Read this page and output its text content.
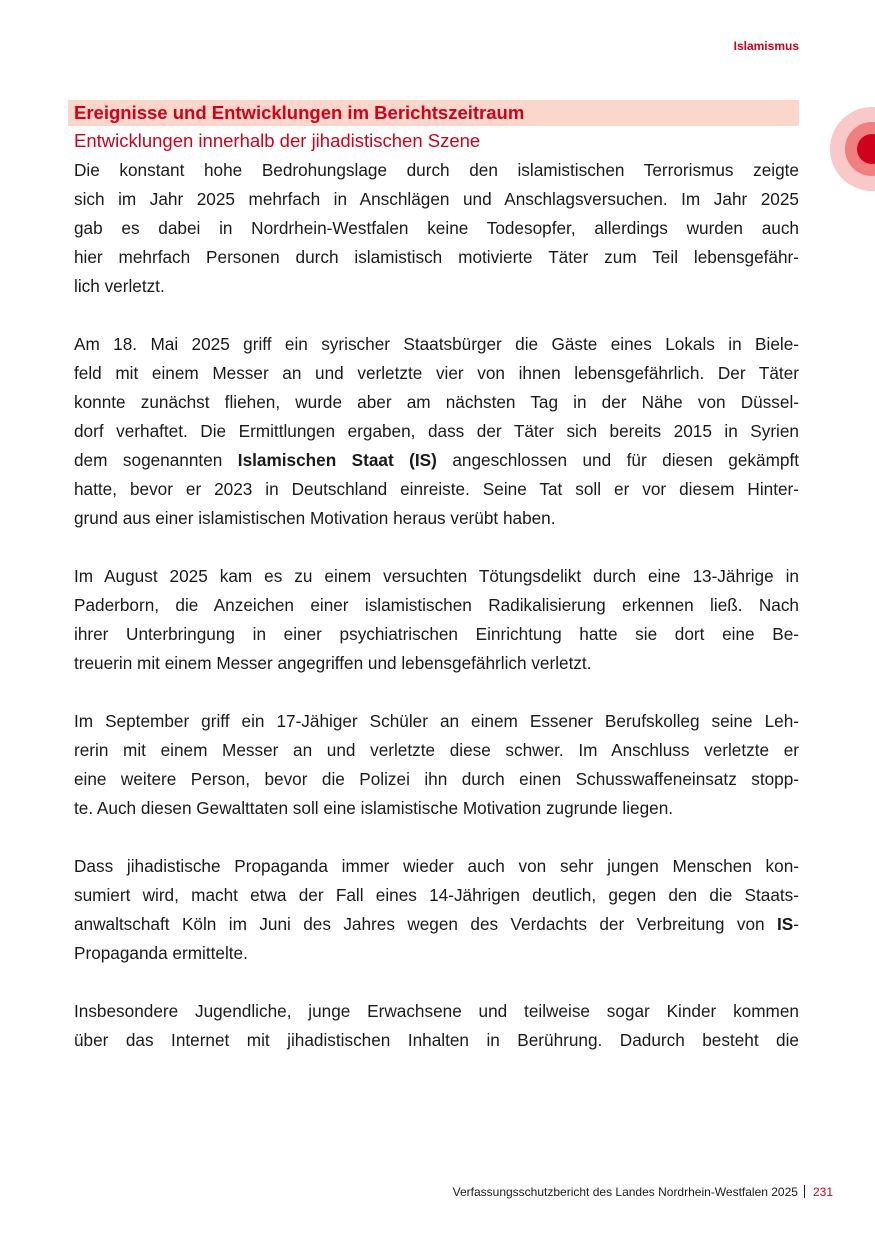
Islamismus
Ereignisse und Entwicklungen im Berichtszeitraum
Entwicklungen innerhalb der jihadistischen Szene
Die konstant hohe Bedrohungslage durch den islamistischen Terrorismus zeigte
sich im Jahr 2025 mehrfach in Anschlägen und Anschlagsversuchen. Im Jahr 2025
gab es dabei in Nordrhein-Westfalen keine Todesopfer, allerdings wurden auch
hier mehrfach Personen durch islamistisch motivierte Täter zum Teil lebensgefähr-
lich verletzt.
Am 18. Mai 2025 griff ein syrischer Staatsbürger die Gäste eines Lokals in Biele-
feld mit einem Messer an und verletzte vier von ihnen lebensgefährlich. Der Täter
konnte zunächst fliehen, wurde aber am nächsten Tag in der Nähe von Düssel-
dorf verhaftet. Die Ermittlungen ergaben, dass der Täter sich bereits 2015 in Syrien
dem sogenannten Islamischen Staat (IS) angeschlossen und für diesen gekämpft
hatte, bevor er 2023 in Deutschland einreiste. Seine Tat soll er vor diesem Hinter-
grund aus einer islamistischen Motivation heraus verübt haben.
Im August 2025 kam es zu einem versuchten Tötungsdelikt durch eine 13-Jährige in
Paderborn, die Anzeichen einer islamistischen Radikalisierung erkennen ließ. Nach
ihrer Unterbringung in einer psychiatrischen Einrichtung hatte sie dort eine Be-
treuerin mit einem Messer angegriffen und lebensgefährlich verletzt.
Im September griff ein 17-Jähiger Schüler an einem Essener Berufskolleg seine Leh-
rerin mit einem Messer an und verletzte diese schwer. Im Anschluss verletzte er
eine weitere Person, bevor die Polizei ihn durch einen Schusswaffeneinsatz stopp-
te. Auch diesen Gewalttaten soll eine islamistische Motivation zugrunde liegen.
Dass jihadistische Propaganda immer wieder auch von sehr jungen Menschen kon-
sumiert wird, macht etwa der Fall eines 14-Jährigen deutlich, gegen den die Staats-
anwaltschaft Köln im Juni des Jahres wegen des Verdachts der Verbreitung von IS-
Propaganda ermittelte.
Insbesondere Jugendliche, junge Erwachsene und teilweise sogar Kinder kommen
über das Internet mit jihadistischen Inhalten in Berührung. Dadurch besteht die
Verfassungsschutzbericht des Landes Nordrhein-Westfalen 2025 231
